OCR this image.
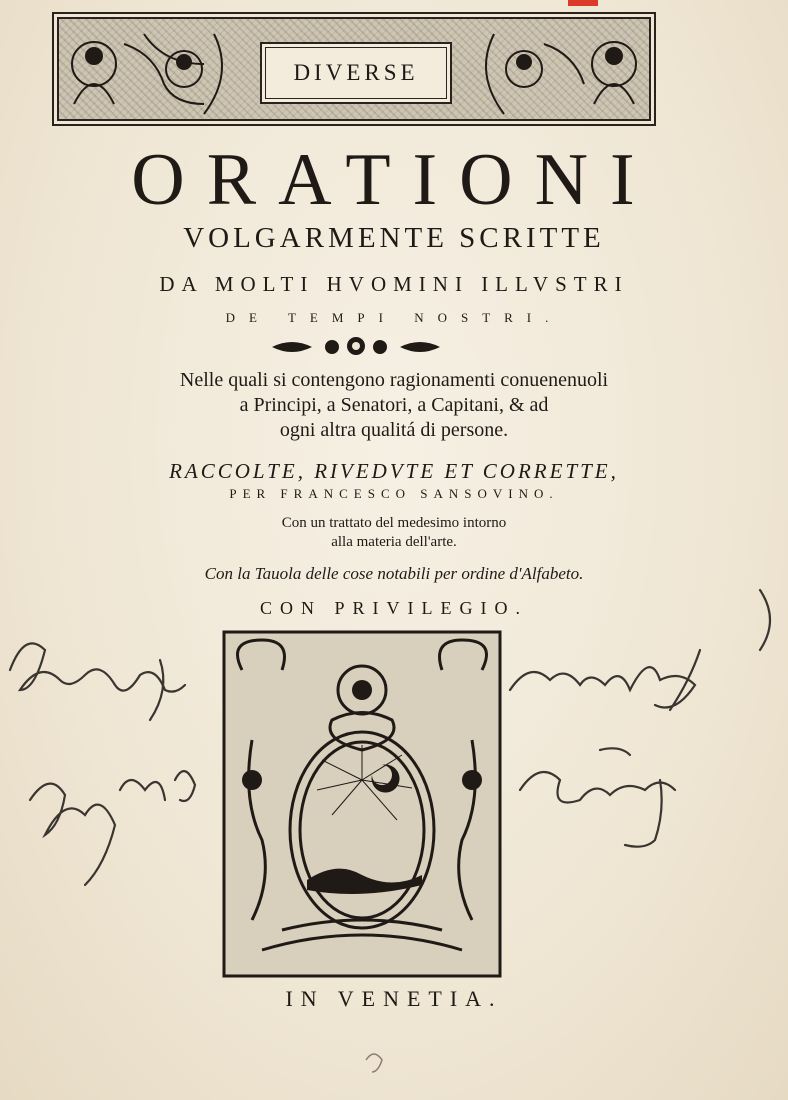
DIVERSE
ORATIONI
VOLGARMENTE SCRITTE
DA MOLTI HVOMINI ILLVSTRI
DE TEMPI NOSTRI.
Nelle quali si contengono ragionamenti conuenenuoli
a Principi, a Senatori, a Capitani, & ad
ogni altra qualitá di persone.
RACCOLTE, RIVEDVTE ET CORRETTE,
PER FRANCESCO SANSOVINO.
Con un trattato del medesimo intorno
alla materia dell'arte.
Con la Tauola delle cose notabili per ordine d'Alfabeto.
CON PRIVILEGIO.
IN VENETIA.
